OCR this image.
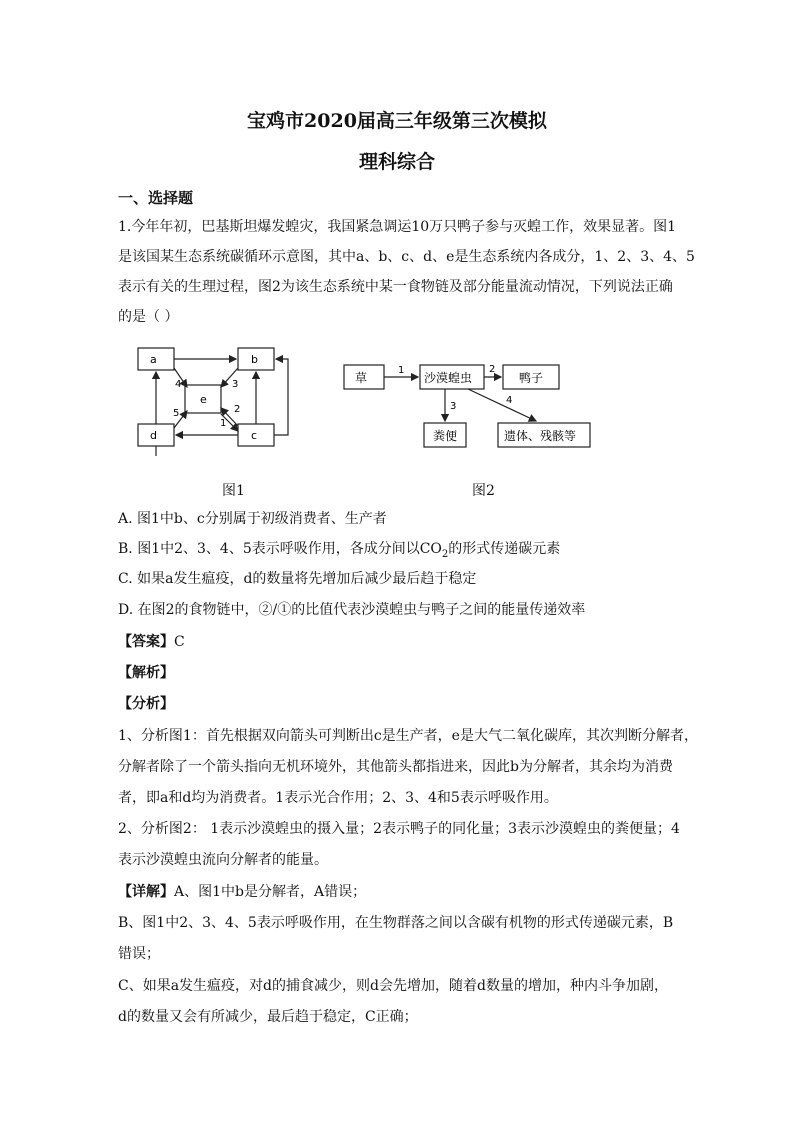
宝鸡市2020届高三年级第三次模拟
理科综合
一、选择题
1.今年年初，巴基斯坦爆发蝗灾，我国紧急调运10万只鸭子参与灭蝗工作，效果显著。图1
是该国某生态系统碳循环示意图，其中a、b、c、d、e是生态系统内各成分，1、2、3、4、5
表示有关的生理过程，图2为该生态系统中某一食物链及部分能量流动情况，下列说法正确
的是（ ）
a	b
e
d	c
4	3
5	2
1
图1
草	沙漠蝗虫	鸭子
粪便	遗体、残骸等
1	2
3
4
图2
A. 图1中b、c分别属于初级消费者、生产者
B. 图1中2、3、4、5表示呼吸作用，各成分间以$CO_2$的形式传递碳元素
C. 如果a发生瘟疫，d的数量将先增加后减少最后趋于稳定
D. 在图2的食物链中，②/①的比值代表沙漠蝗虫与鸭子之间的能量传递效率
【答案】C
【解析】
【分析】
1、分析图1：首先根据双向箭头可判断出c是生产者，e是大气二氧化碳库，其次判断分解者，
分解者除了一个箭头指向无机环境外，其他箭头都指进来，因此b为分解者，其余均为消费
者，即a和d均为消费者。1表示光合作用；2、3、4和5表示呼吸作用。
2、分析图2： 1表示沙漠蝗虫的摄入量；2表示鸭子的同化量；3表示沙漠蝗虫的粪便量；4
表示沙漠蝗虫流向分解者的能量。
【详解】A、图1中b是分解者，A错误；
B、图1中2、3、4、5表示呼吸作用，在生物群落之间以含碳有机物的形式传递碳元素，B
错误；
C、如果a发生瘟疫，对d的捕食减少，则d会先增加，随着d数量的增加，种内斗争加剧，
d的数量又会有所减少，最后趋于稳定，C正确；
